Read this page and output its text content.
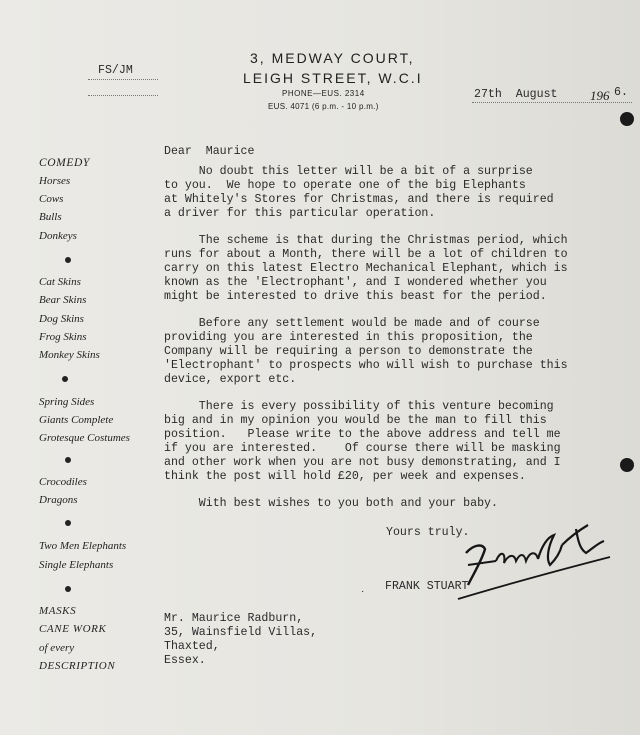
3, MEDWAY COURT,
LEIGH STREET, W.C.I
PHONE—EUS. 2314
EUS. 4071 (6 p.m. - 10 p.m.)
FS/JM
27th  August	196 6.
COMEDY
Horses
Cows
Bulls
Donkeys
Cat Skins
Bear Skins
Dog Skins
Frog Skins
Monkey Skins
Spring Sides
Giants Complete
Grotesque Costumes
Crocodiles
Dragons
Two Men Elephants
Single Elephants
MASKS
CANE WORK
of every
DESCRIPTION
Dear  Maurice
No doubt this letter will be a bit of a surprise
to you.  We hope to operate one of the big Elephants
at Whitely's Stores for Christmas, and there is required
a driver for this particular operation.
The scheme is that during the Christmas period, which
runs for about a Month, there will be a lot of children to
carry on this latest Electro Mechanical Elephant, which is
known as the 'Electrophant', and I wondered whether you
might be interested to drive this beast for the period.
Before any settlement would be made and of course
providing you are interested in this proposition, the
Company will be requiring a person to demonstrate the
'Electrophant' to prospects who will wish to purchase this
device, export etc.
There is every possibility of this venture becoming
big and in my opinion you would be the man to fill this
position.   Please write to the above address and tell me
if you are interested.    Of course there will be masking
and other work when you are not busy demonstrating, and I
think the post will hold £20, per week and expenses.
With best wishes to you both and your baby.
Yours truly.
· FRANK STUART
Mr. Maurice Radburn,
35, Wainsfield Villas,
Thaxted,
Essex.
